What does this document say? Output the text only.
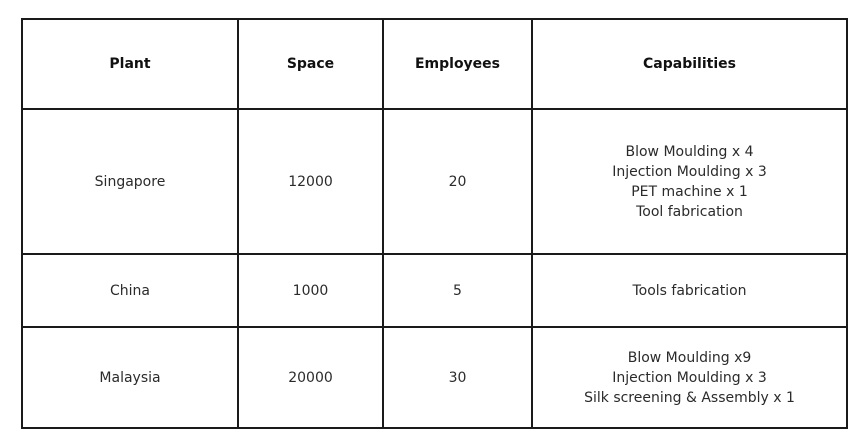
Plant	Space	Employees	Capabilities
Singapore	12000	20	Blow Moulding x 4
Injection Moulding x 3
PET machine x 1
Tool fabrication

China	1000	5	Tools fabrication

Malaysia	20000	30	Blow Moulding x9
Injection Moulding x 3
Silk screening & Assembly x 1
